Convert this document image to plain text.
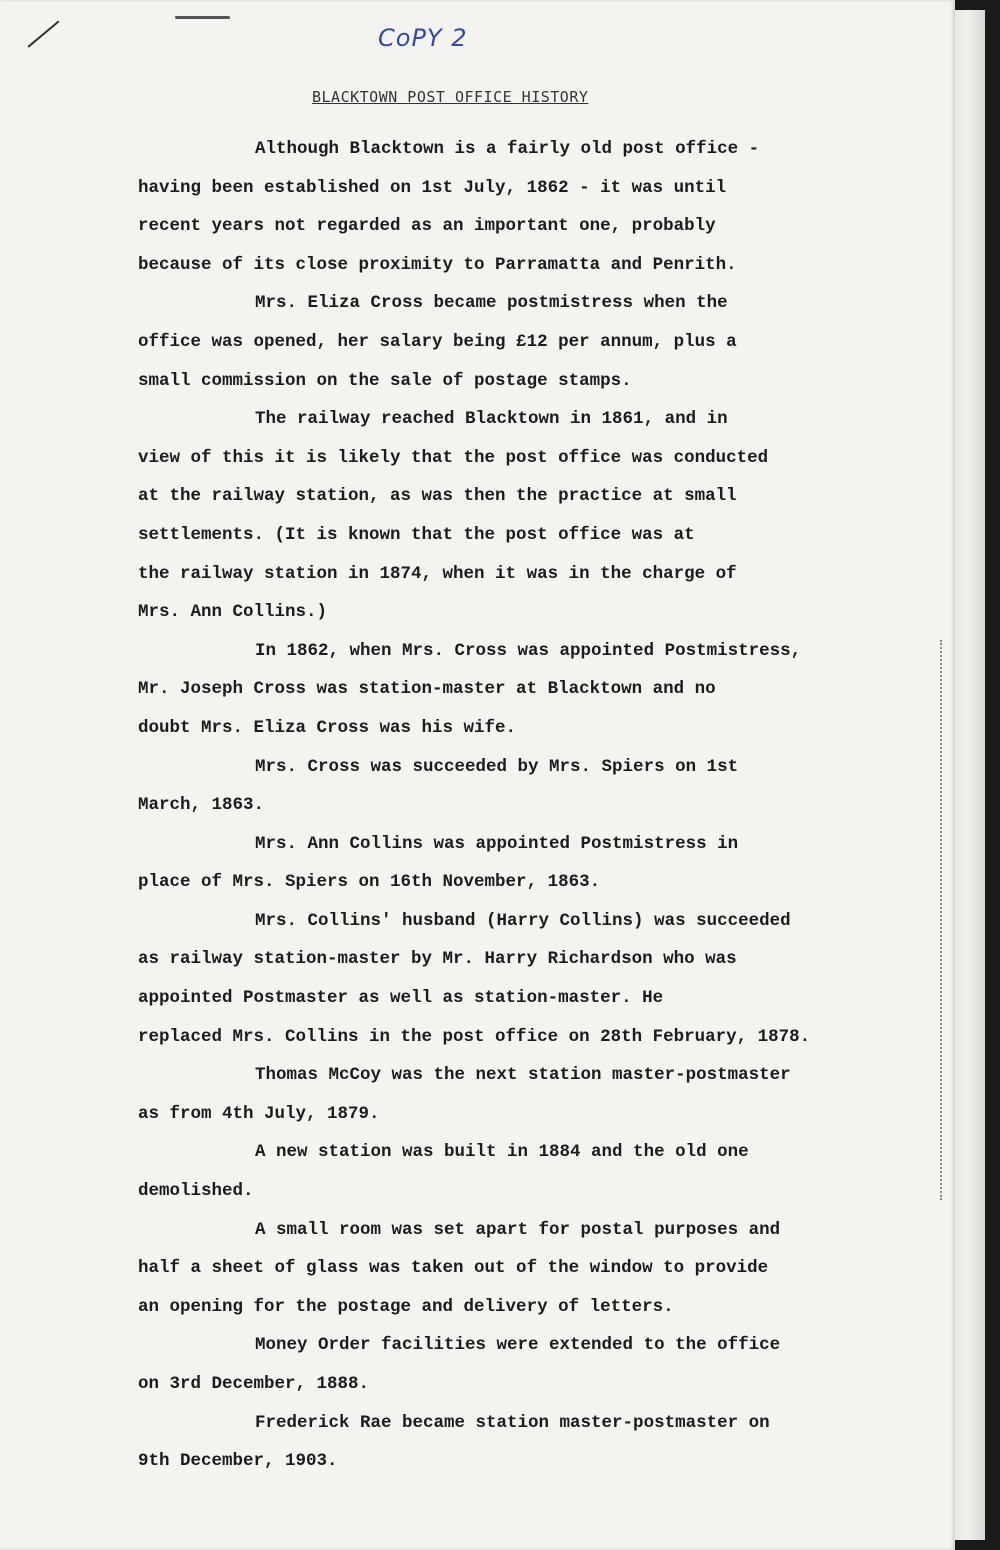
CoPY 2
BLACKTOWN POST OFFICE HISTORY
Although Blacktown is a fairly old post office -
having been established on 1st July, 1862 - it was until
recent years not regarded as an important one, probably
because of its close proximity to Parramatta and Penrith.
Mrs. Eliza Cross became postmistress when the
office was opened, her salary being £12 per annum, plus a
small commission on the sale of postage stamps.
The railway reached Blacktown in 1861, and in
view of this it is likely that the post office was conducted
at the railway station, as was then the practice at small
settlements. (It is known that the post office was at
the railway station in 1874, when it was in the charge of
Mrs. Ann Collins.)
In 1862, when Mrs. Cross was appointed Postmistress,
Mr. Joseph Cross was station-master at Blacktown and no
doubt Mrs. Eliza Cross was his wife.
Mrs. Cross was succeeded by Mrs. Spiers on 1st
March, 1863.
Mrs. Ann Collins was appointed Postmistress in
place of Mrs. Spiers on 16th November, 1863.
Mrs. Collins' husband (Harry Collins) was succeeded
as railway station-master by Mr. Harry Richardson who was
appointed Postmaster as well as station-master. He
replaced Mrs. Collins in the post office on 28th February, 1878.
Thomas McCoy was the next station master-postmaster
as from 4th July, 1879.
A new station was built in 1884 and the old one
demolished.
A small room was set apart for postal purposes and
half a sheet of glass was taken out of the window to provide
an opening for the postage and delivery of letters.
Money Order facilities were extended to the office
on 3rd December, 1888.
Frederick Rae became station master-postmaster on
9th December, 1903.
